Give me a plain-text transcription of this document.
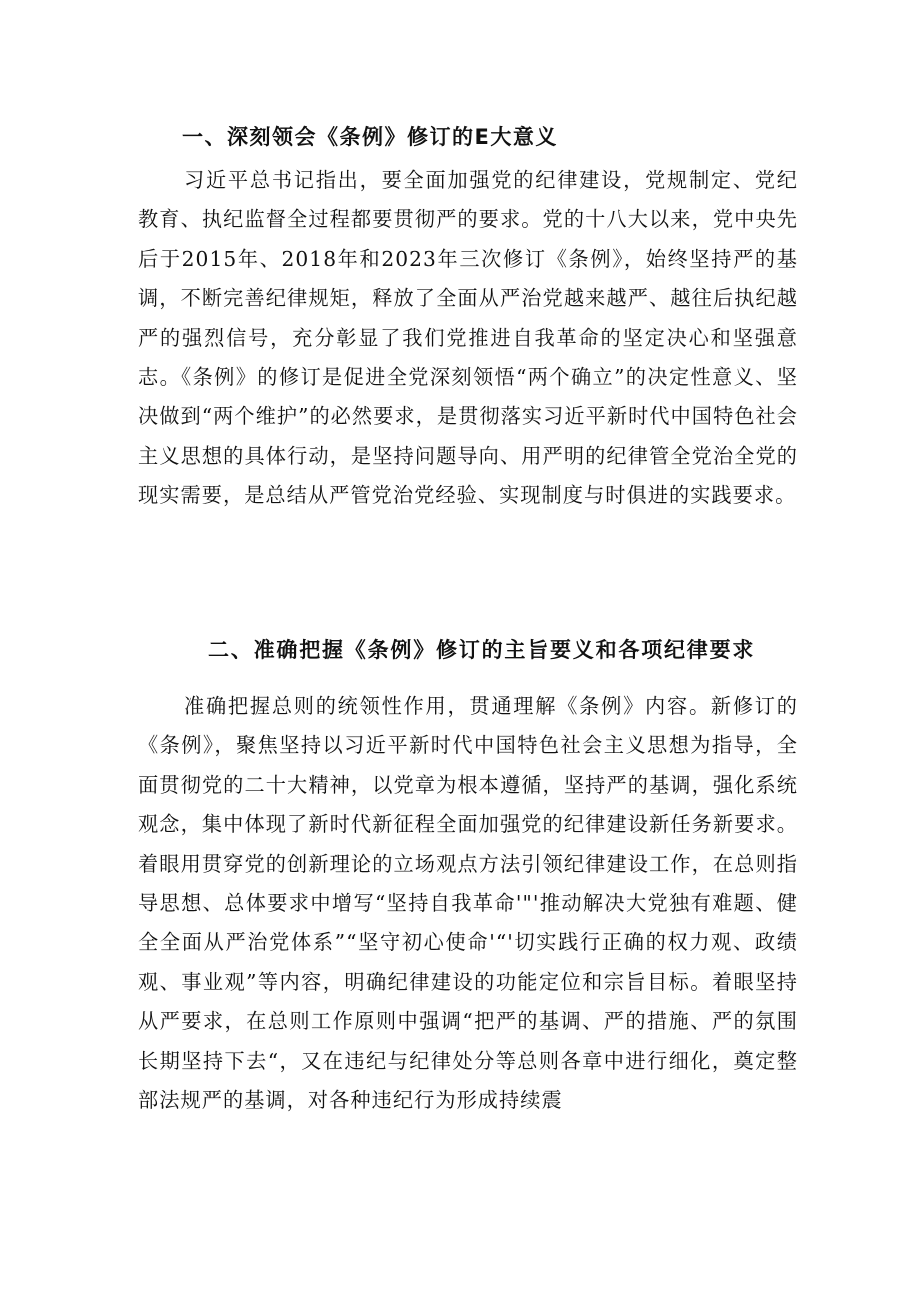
一、深刻领会《条例》修订的E大意义

习近平总书记指出，要全面加强党的纪律建设，党规制定、党纪教育、执纪监督全过程都要贯彻严的要求。党的十八大以来，党中央先后于2015年、2018年和2023年三次修订《条例》，始终坚持严的基调，不断完善纪律规矩，释放了全面从严治党越来越严、越往后执纪越严的强烈信号，充分彰显了我们党推进自我革命的坚定决心和坚强意志。《条例》的修订是促进全党深刻领悟“两个确立”的决定性意义、坚决做到“两个维护”的必然要求，是贯彻落实习近平新时代中国特色社会主义思想的具体行动，是坚持问题导向、用严明的纪律管全党治全党的现实需要，是总结从严管党治党经验、实现制度与时俱进的实践要求。

二、准确把握《条例》修订的主旨要义和各项纪律要求

准确把握总则的统领性作用，贯通理解《条例》内容。新修订的《条例》，聚焦坚持以习近平新时代中国特色社会主义思想为指导，全面贯彻党的二十大精神，以党章为根本遵循，坚持严的基调，强化系统观念，集中体现了新时代新征程全面加强党的纪律建设新任务新要求。着眼用贯穿党的创新理论的立场观点方法引领纪律建设工作，在总则指导思想、总体要求中增写“坚持自我革命'"'推动解决大党独有难题、健全全面从严治党体系”“坚守初心使命'“'切实践行正确的权力观、政绩观、事业观”等内容，明确纪律建设的功能定位和宗旨目标。着眼坚持从严要求，在总则工作原则中强调“把严的基调、严的措施、严的氛围长期坚持下去“，又在违纪与纪律处分等总则各章中进行细化，奠定整部法规严的基调，对各种违纪行为形成持续震
